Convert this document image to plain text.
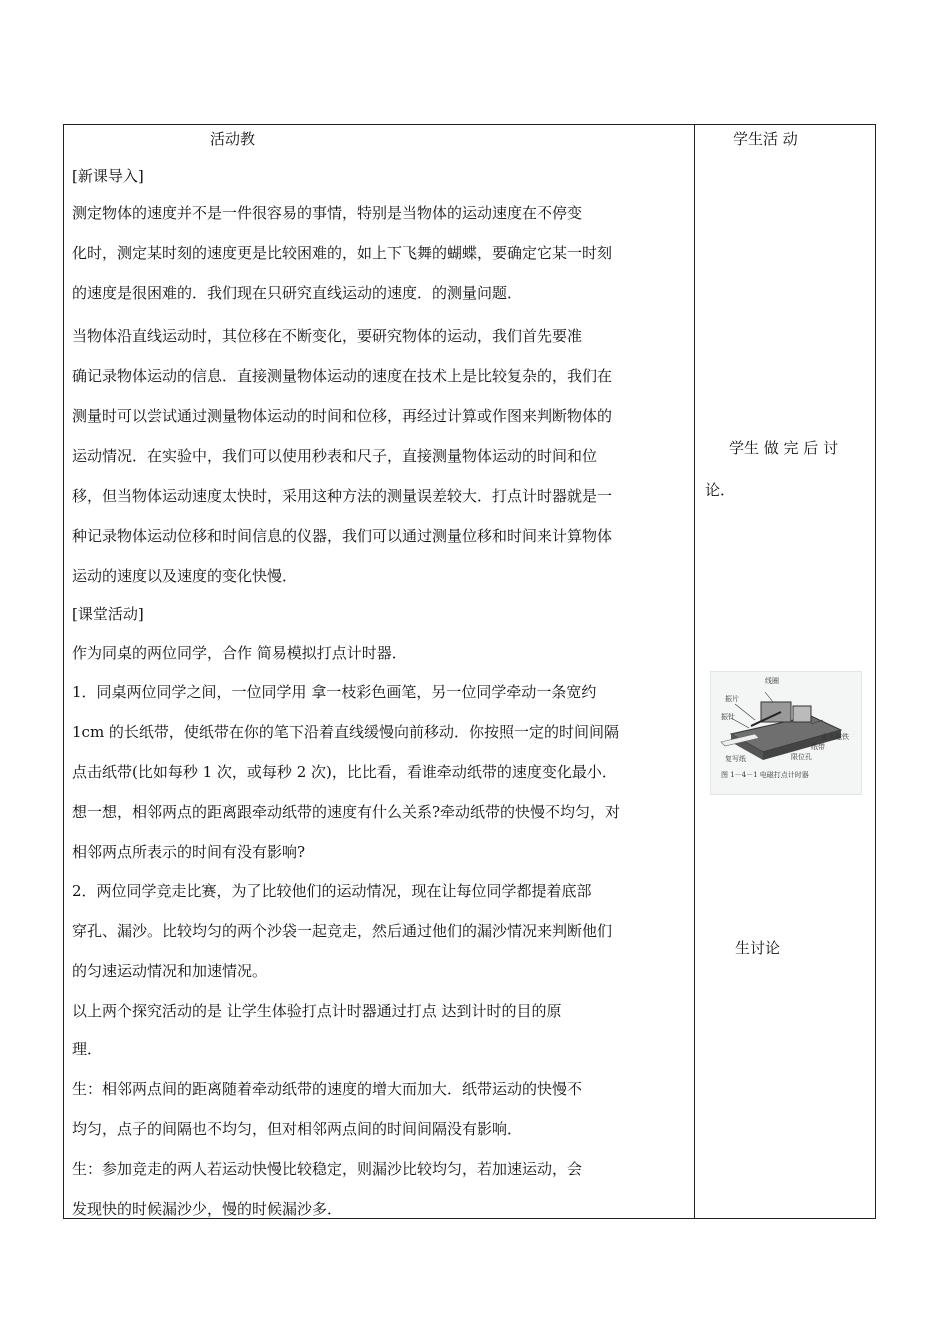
活动教
[新课导入]
测定物体的速度并不是一件很容易的事情，特别是当物体的运动速度在不停变
化时，测定某时刻的速度更是比较困难的，如上下飞舞的蝴蝶，要确定它某一时刻
的速度是很困难的．我们现在只研究直线运动的速度．的测量问题．
当物体沿直线运动时，其位移在不断变化，要研究物体的运动，我们首先要准
确记录物体运动的信息．直接测量物体运动的速度在技术上是比较复杂的，我们在
测量时可以尝试通过测量物体运动的时间和位移，再经过计算或作图来判断物体的
运动情况．在实验中，我们可以使用秒表和尺子，直接测量物体运动的时间和位
移，但当物体运动速度太快时，采用这种方法的测量误差较大．打点计时器就是一
种记录物体运动位移和时间信息的仪器，我们可以通过测量位移和时间来计算物体
运动的速度以及速度的变化快慢．
[课堂活动]
作为同桌的两位同学，合作 简易模拟打点计时器．
1．同桌两位同学之间，一位同学用 拿一枝彩色画笔，另一位同学牵动一条宽约
1cm 的长纸带，使纸带在你的笔下沿着直线缓慢向前移动．你按照一定的时间间隔
点击纸带(比如每秒 1 次，或每秒 2 次)，比比看，看谁牵动纸带的速度变化最小．
想一想，相邻两点的距离跟牵动纸带的速度有什么关系?牵动纸带的快慢不均匀，对
相邻两点所表示的时间有没有影响?
2．两位同学竞走比赛，为了比较他们的运动情况，现在让每位同学都提着底部
穿孔、漏沙。比较均匀的两个沙袋一起竞走，然后通过他们的漏沙情况来判断他们
的匀速运动情况和加速情况。
以上两个探究活动的是 让学生体验打点计时器通过打点 达到计时的目的原
理．
生：相邻两点间的距离随着牵动纸带的速度的增大而加大．纸带运动的快慢不
均匀，点子的间隔也不均匀，但对相邻两点间的时间间隔没有影响．
生：参加竞走的两人若运动快慢比较稳定，则漏沙比较均匀，若加速运动，会
发现快的时候漏沙少，慢的时候漏沙多．
学生活 动
学生 做 完 后 讨
论．
生讨论
线圈
振片
振针
永久磁铁
纸带
复写纸	限位孔
图 1－4－1 电磁打点计时器
